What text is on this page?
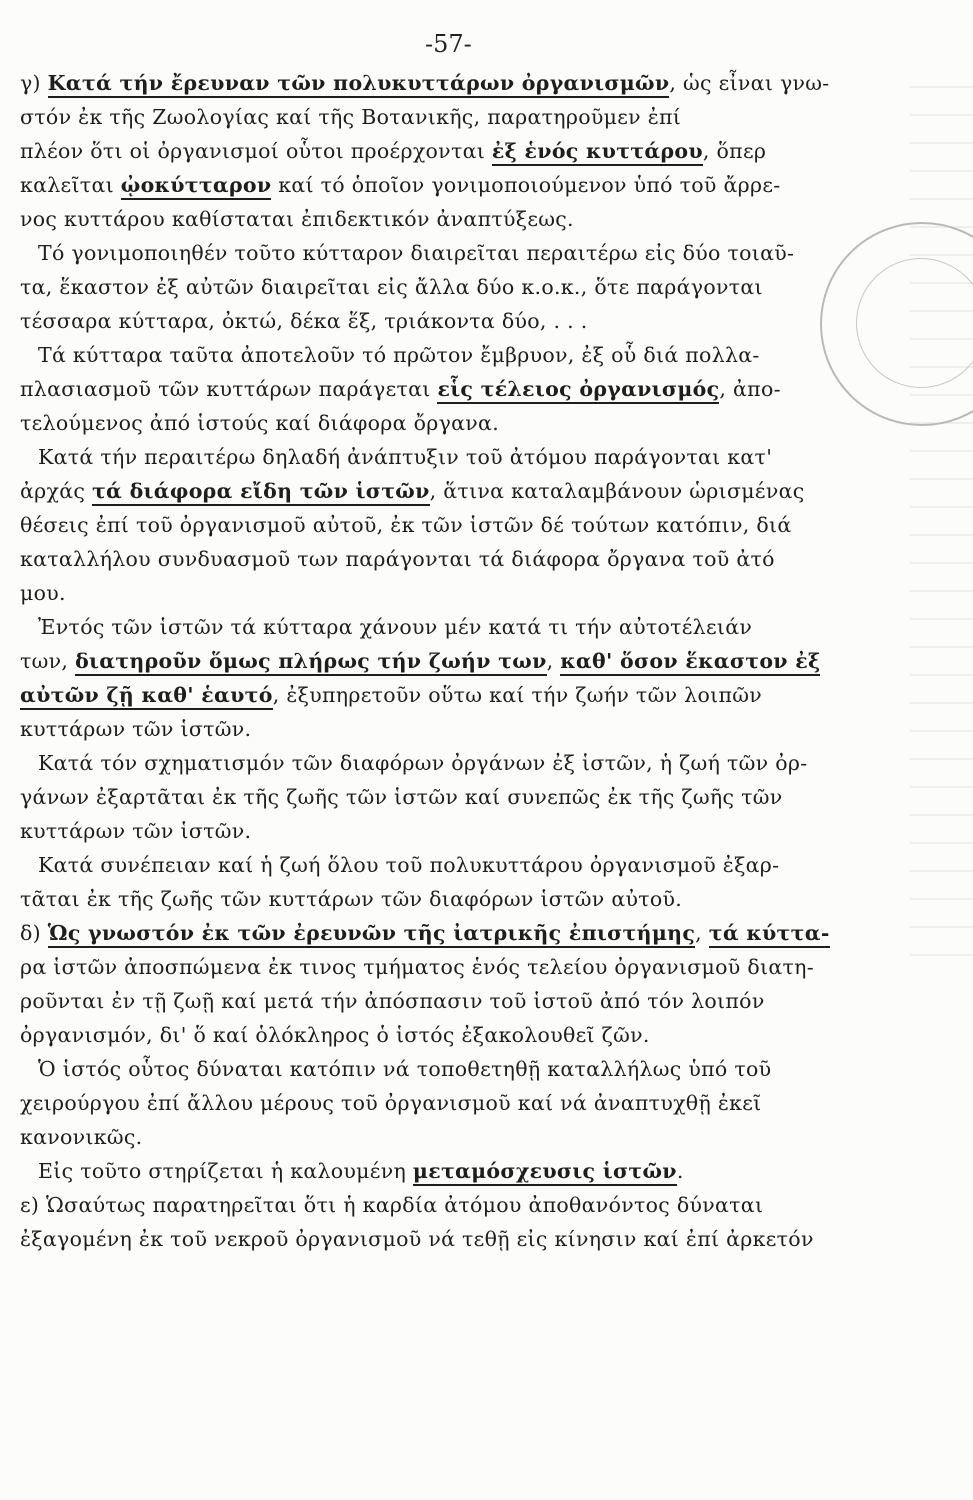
-57-
γ) Κατά τήν ἔρευναν τῶν πολυκυττάρων ὀργανισμῶν, ὡς εἶναι γνω-
στόν ἐκ τῆς Ζωολογίας καί τῆς Βοτανικῆς, παρατηροῦμεν ἐπί
πλέον ὅτι οἱ ὀργανισμοί οὗτοι προέρχονται ἐξ ἑνός κυττάρου, ὅπερ
καλεῖται ᾠοκύτταρον καί τό ὁποῖον γονιμοποιούμενον ὑπό τοῦ ἄρρε-
νος κυττάρου καθίσταται ἐπιδεκτικόν ἀναπτύξεως.
Τό γονιμοποιηθέν τοῦτο κύτταρον διαιρεῖται περαιτέρω εἰς δύο τοιαῦ-
τα, ἕκαστον ἐξ αὐτῶν διαιρεῖται εἰς ἄλλα δύο κ.ο.κ., ὅτε παράγονται
τέσσαρα κύτταρα, ὀκτώ, δέκα ἕξ, τριάκοντα δύο, . . .
Τά κύτταρα ταῦτα ἀποτελοῦν τό πρῶτον ἔμβρυον, ἐξ οὗ διά πολλα-
πλασιασμοῦ τῶν κυττάρων παράγεται εἷς τέλειος ὀργανισμός, ἀπο-
τελούμενος ἀπό ἱστούς καί διάφορα ὄργανα.
Κατά τήν περαιτέρω δηλαδή ἀνάπτυξιν τοῦ ἀτόμου παράγονται κατ'
ἀρχάς τά διάφορα εἴδη τῶν ἱστῶν, ἅτινα καταλαμβάνουν ὡρισμένας
θέσεις ἐπί τοῦ ὀργανισμοῦ αὐτοῦ, ἐκ τῶν ἱστῶν δέ τούτων κατόπιν, διά
καταλλήλου συνδυασμοῦ των παράγονται τά διάφορα ὄργανα τοῦ ἀτό
μου.
Ἐντός τῶν ἱστῶν τά κύτταρα χάνουν μέν κατά τι τήν αὐτοτέλειάν
των, διατηροῦν ὅμως πλήρως τήν ζωήν των, καθ' ὅσον ἕκαστον ἐξ
αὐτῶν ζῇ καθ' ἑαυτό, ἐξυπηρετοῦν οὕτω καί τήν ζωήν τῶν λοιπῶν
κυττάρων τῶν ἱστῶν.
Κατά τόν σχηματισμόν τῶν διαφόρων ὀργάνων ἐξ ἱστῶν, ἡ ζωή τῶν ὀρ-
γάνων ἐξαρτᾶται ἐκ τῆς ζωῆς τῶν ἱστῶν καί συνεπῶς ἐκ τῆς ζωῆς τῶν
κυττάρων τῶν ἱστῶν.
Κατά συνέπειαν καί ἡ ζωή ὅλου τοῦ πολυκυττάρου ὀργανισμοῦ ἐξαρ-
τᾶται ἐκ τῆς ζωῆς τῶν κυττάρων τῶν διαφόρων ἱστῶν αὐτοῦ.
δ) Ὡς γνωστόν ἐκ τῶν ἐρευνῶν τῆς ἰατρικῆς ἐπιστήμης, τά κύττα-
ρα ἱστῶν ἀποσπώμενα ἐκ τινος τμήματος ἑνός τελείου ὀργανισμοῦ διατη-
ροῦνται ἐν τῇ ζωῇ καί μετά τήν ἀπόσπασιν τοῦ ἱστοῦ ἀπό τόν λοιπόν
ὀργανισμόν, δι' ὅ καί ὁλόκληρος ὁ ἱστός ἐξακολουθεῖ ζῶν.
Ὁ ἱστός οὗτος δύναται κατόπιν νά τοποθετηθῇ καταλλήλως ὑπό τοῦ
χειρούργου ἐπί ἄλλου μέρους τοῦ ὀργανισμοῦ καί νά ἀναπτυχθῇ ἐκεῖ
κανονικῶς.
Εἰς τοῦτο στηρίζεται ἡ καλουμένη μεταμόσχευσις ἱστῶν.
ε) Ὡσαύτως παρατηρεῖται ὅτι ἡ καρδία ἀτόμου ἀποθανόντος δύναται
ἐξαγομένη ἐκ τοῦ νεκροῦ ὀργανισμοῦ νά τεθῇ εἰς κίνησιν καί ἐπί ἀρκετόν
